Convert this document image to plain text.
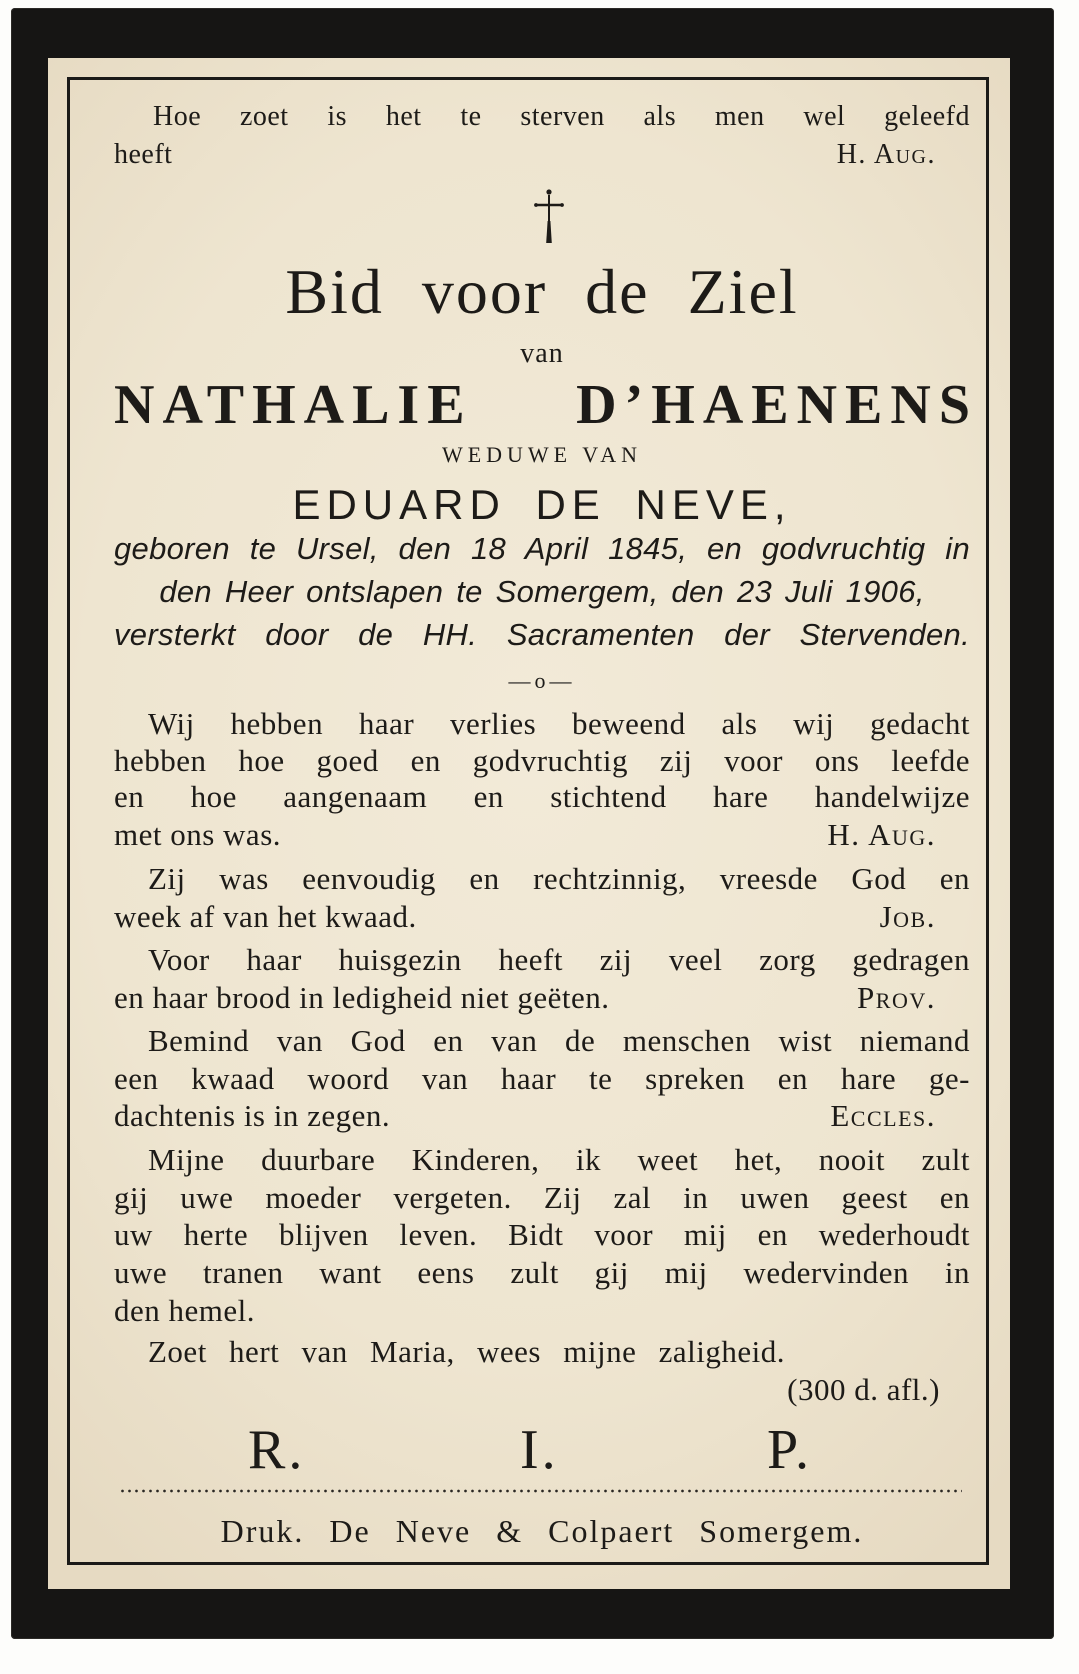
Hoe zoet is het te sterven als men wel geleefd
heeft	H. Aug.
Bid voor de Ziel
van
NATHALIE D’HAENENS
WEDUWE VAN
EDUARD DE NEVE,
geboren te Ursel, den 18 April 1845, en godvruchtig in
den Heer ontslapen te Somergem, den 23 Juli 1906,
versterkt door de HH. Sacramenten der Stervenden.
—o—
Wij hebben haar verlies beweend als wij gedacht
hebben hoe goed en godvruchtig zij voor ons leefde
en hoe aangenaam en stichtend hare handelwijze
met ons was.	H. Aug.
Zij was eenvoudig en rechtzinnig, vreesde God en
week af van het kwaad.	Job.
Voor haar huisgezin heeft zij veel zorg gedragen
en haar brood in ledigheid niet geëten.	Prov.
Bemind van God en van de menschen wist niemand
een kwaad woord van haar te spreken en hare ge-
dachtenis is in zegen.	Eccles.
Mijne duurbare Kinderen, ik weet het, nooit zult
gij uwe moeder vergeten. Zij zal in uwen geest en
uw herte blijven leven. Bidt voor mij en wederhoudt
uwe tranen want eens zult gij mij wedervinden in
den hemel.
Zoet hert van Maria, wees mijne zaligheid.
(300 d. afl.)
R.	I.	P.
Druk. De Neve & Colpaert Somergem.
